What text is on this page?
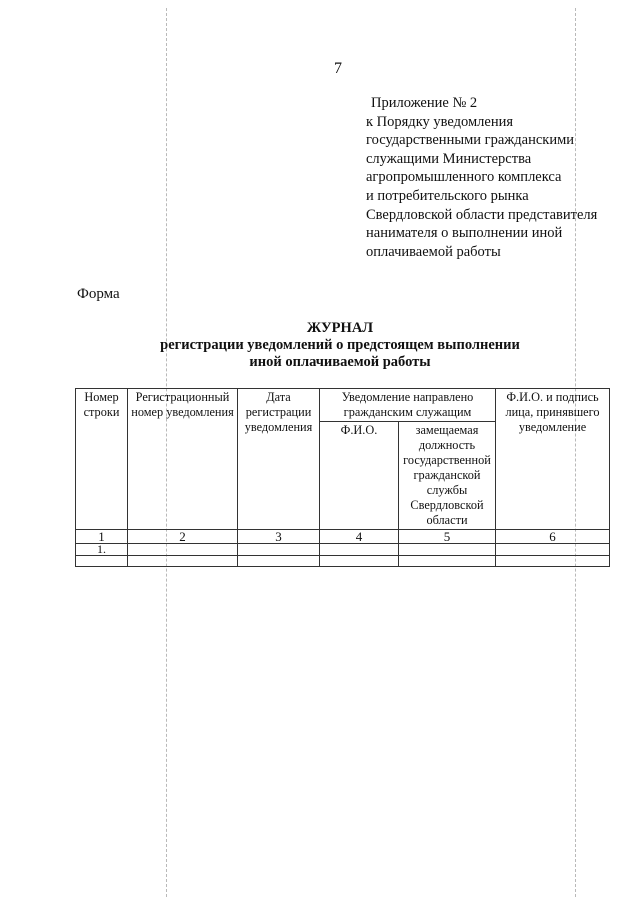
7
Приложение № 2
к Порядку уведомления
государственными гражданскими
служащими Министерства
агропромышленного комплекса
и потребительского рынка
Свердловской области представителя
нанимателя о выполнении иной
оплачиваемой работы
Форма
ЖУРНАЛ
регистрации уведомлений о предстоящем выполнении
иной оплачиваемой работы
Номер строки	Регистрационный номер уведомления	Дата регистрации уведомления	Уведомление направлено гражданским служащим		Ф.И.О. и подпись лица, принявшего уведомление
			Ф.И.О.	замещаемая должность государственной гражданской службы Свердловской области	
1	2	3	4	5	6
1.					
